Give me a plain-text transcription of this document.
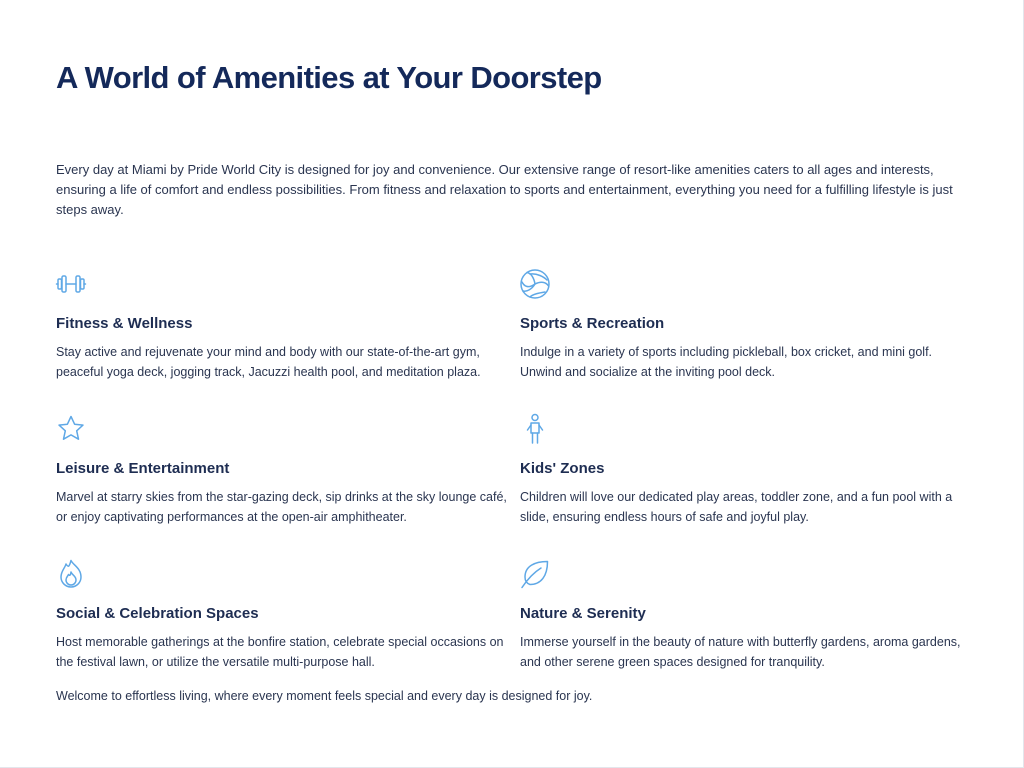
A World of Amenities at Your Doorstep

Every day at Miami by Pride World City is designed for joy and convenience. Our extensive range of resort-like amenities caters to all ages and interests, ensuring a life of comfort and endless possibilities. From fitness and relaxation to sports and entertainment, everything you need for a fulfilling lifestyle is just steps away.

Fitness & Wellness

Stay active and rejuvenate your mind and body with our state-of-the-art gym, peaceful yoga deck, jogging track, Jacuzzi health pool, and meditation plaza.

Sports & Recreation

Indulge in a variety of sports including pickleball, box cricket, and mini golf. Unwind and socialize at the inviting pool deck.

Leisure & Entertainment

Marvel at starry skies from the star-gazing deck, sip drinks at the sky lounge café, or enjoy captivating performances at the open-air amphitheater.

Kids' Zones

Children will love our dedicated play areas, toddler zone, and a fun pool with a slide, ensuring endless hours of safe and joyful play.

Social & Celebration Spaces

Host memorable gatherings at the bonfire station, celebrate special occasions on the festival lawn, or utilize the versatile multi-purpose hall.

Nature & Serenity

Immerse yourself in the beauty of nature with butterfly gardens, aroma gardens, and other serene green spaces designed for tranquility.

Welcome to effortless living, where every moment feels special and every day is designed for joy.
